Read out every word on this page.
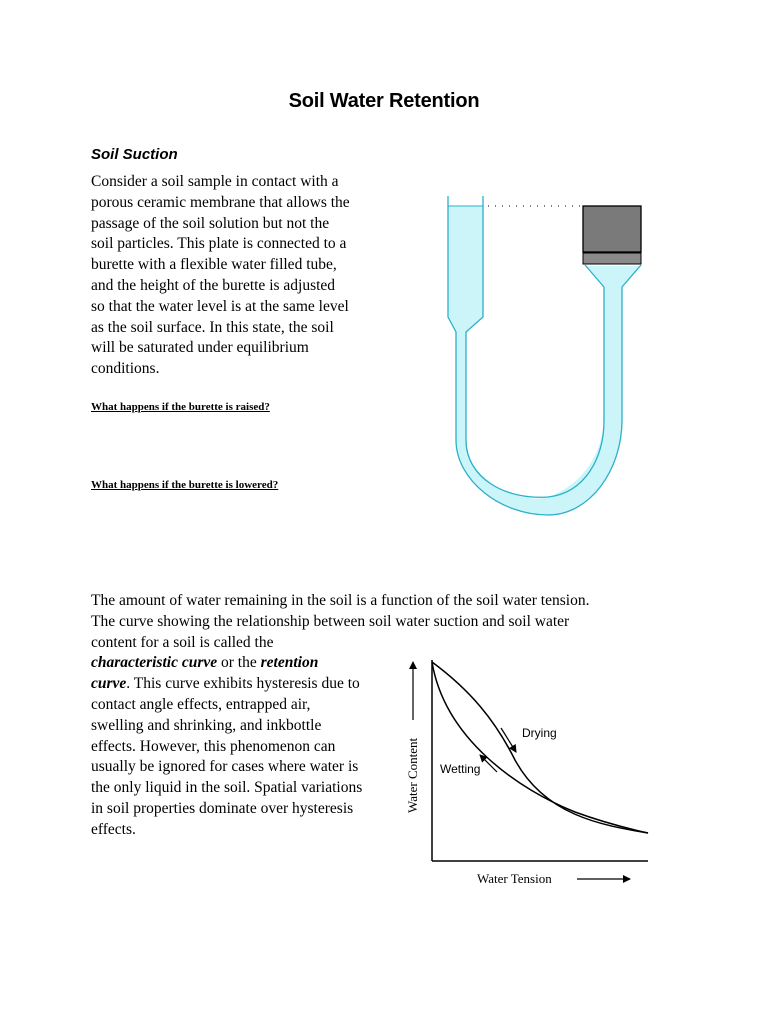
Soil Water Retention
Soil Suction

Consider a soil sample in contact with a
porous ceramic membrane that allows the
passage of the soil solution but not the
soil particles. This plate is connected to a
burette with a flexible water filled tube,
and the height of the burette is adjusted
so that the water level is at the same level
as the soil surface. In this state, the soil
will be saturated under equilibrium
conditions.

What happens if the burette is raised?
What happens if the burette is lowered?

The amount of water remaining in the soil is a function of the soil water tension.
The curve showing the relationship between soil water suction and soil water
content for a soil is called the
characteristic curve or the retention
curve. This curve exhibits hysteresis due to
contact angle effects, entrapped air,
swelling and shrinking, and inkbottle
effects. However, this phenomenon can
usually be ignored for cases where water is
the only liquid in the soil. Spatial variations
in soil properties dominate over hysteresis
effects.

Drying
Wetting
Water Content
Water Tension
